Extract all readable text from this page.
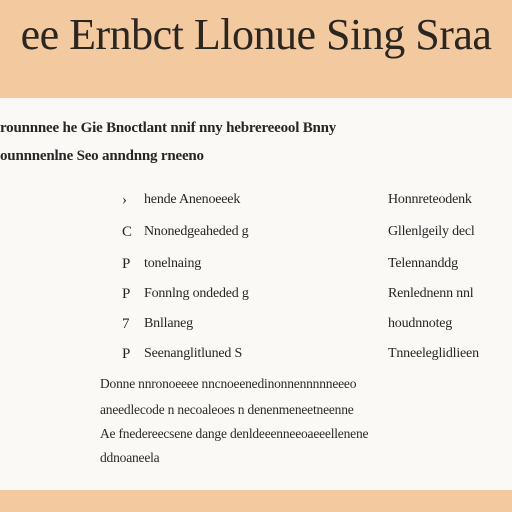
ee Ernbct Llonue Sing Sraa
rounnnee he Gie Bnoctlant nnif nny hebrereeool Bnny
ounnnenlne Seo anndnng rneeno
›	hende Anenoeeek	Honnreteodenk
C Nnonedgeaheded g	Gllenlgeily decl
P tonelnaing	Telennanddg
P Fonnlng ondeded g	Renlednenn nnl
7	Bnllaneg	houdnnoteg
P Seenanglitluned S	Tnneeleglidlieen
Donne nnronoeeee nncnoeenedinonnennnnneeeo
aneedlecode n necoaleoes n denenmeneetneenne
Ae fnedereecsene dange denldeeenneeoaeeellenene
ddnoaneela
